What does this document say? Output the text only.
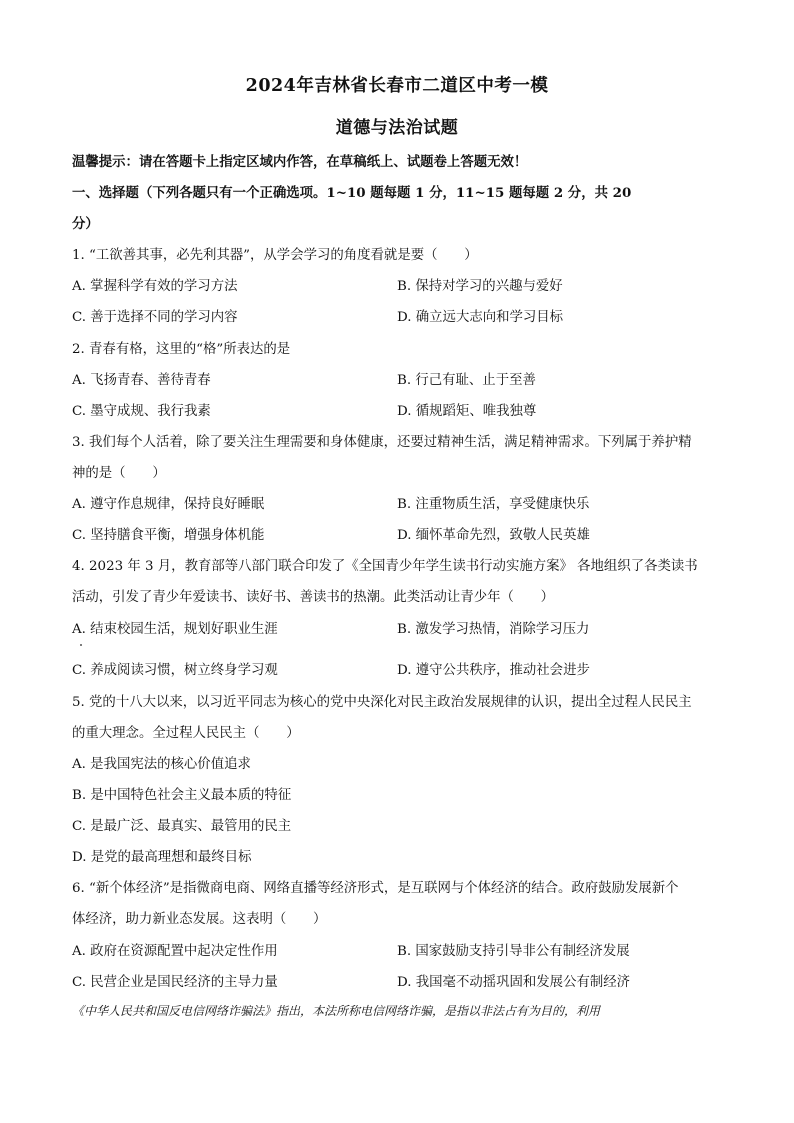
2024年吉林省长春市二道区中考一模
道德与法治试题
温馨提示：请在答题卡上指定区域内作答，在草稿纸上、试题卷上答题无效！
一、选择题（下列各题只有一个正确选项。1~10 题每题 1 分，11~15 题每题 2 分，共 20
分）
1. “工欲善其事，必先利其器”，从学会学习的角度看就是要（　　）
A. 掌握科学有效的学习方法	B. 保持对学习的兴趣与爱好
C. 善于选择不同的学习内容	D. 确立远大志向和学习目标
2. 青春有格，这里的“格”所表达的是
A. 飞扬青春、善待青春	B. 行己有耻、止于至善
C. 墨守成规、我行我素	D. 循规蹈矩、唯我独尊
3. 我们每个人活着，除了要关注生理需要和身体健康，还要过精神生活，满足精神需求。下列属于养护精
神的是（　　）
A. 遵守作息规律，保持良好睡眠	B. 注重物质生活，享受健康快乐
C. 坚持膳食平衡，增强身体机能	D. 缅怀革命先烈，致敬人民英雄
4. 2023 年 3 月，教育部等八部门联合印发了《全国青少年学生读书行动实施方案》 各地组织了各类读书
活动，引发了青少年爱读书、读好书、善读书的热潮。此类活动让青少年（　　）
A. 结束校园生活，规划好职业生涯	B. 激发学习热情，消除学习压力
C. 养成阅读习惯，树立终身学习观	D. 遵守公共秩序，推动社会进步
5. 党的十八大以来，以习近平同志为核心的党中央深化对民主政治发展规律的认识，提出全过程人民民主
的重大理念。全过程人民民主（　　）
A. 是我国宪法的核心价值追求
B. 是中国特色社会主义最本质的特征
C. 是最广泛、最真实、最管用的民主
D. 是党的最高理想和最终目标
6. “新个体经济”是指微商电商、网络直播等经济形式，是互联网与个体经济的结合。政府鼓励发展新个
体经济，助力新业态发展。这表明（　　）
A. 政府在资源配置中起决定性作用	B. 国家鼓励支持引导非公有制经济发展
C. 民营企业是国民经济的主导力量	D. 我国毫不动摇巩固和发展公有制经济
《中华人民共和国反电信网络诈骗法》指出，本法所称电信网络诈骗，是指以非法占有为目的，利用
